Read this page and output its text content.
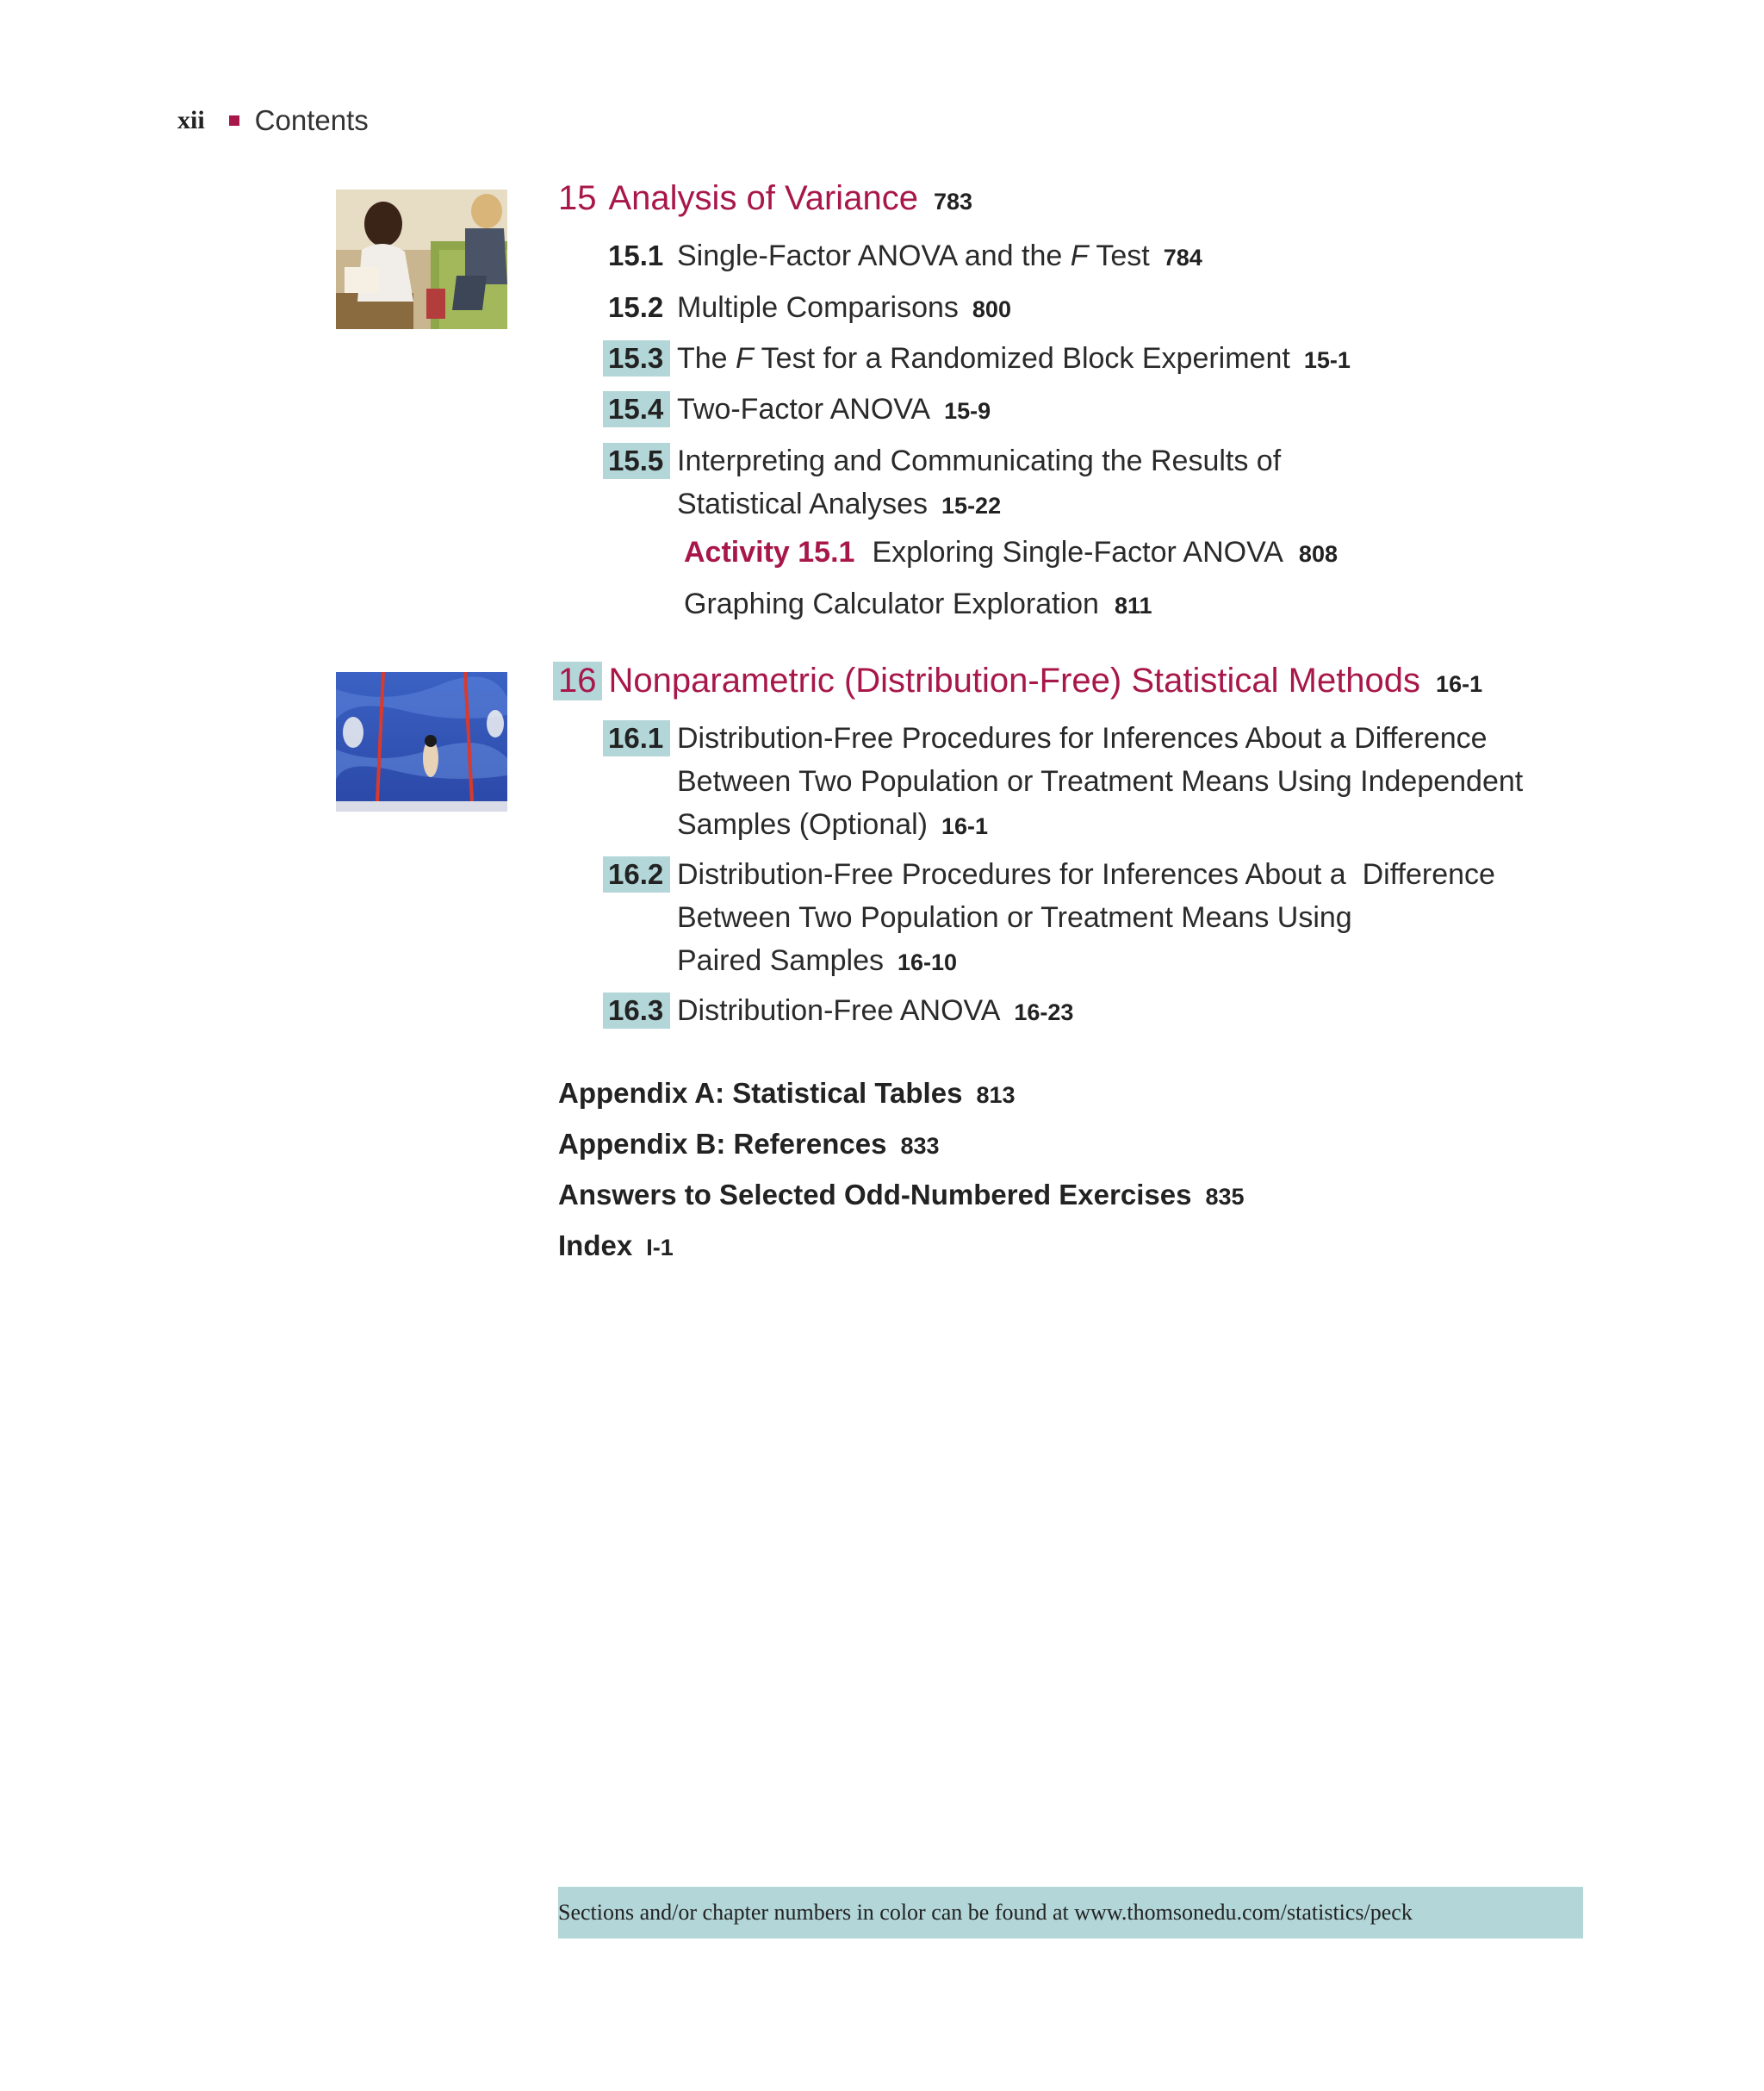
xii Contents
15 Analysis of Variance 783
15.1 Single-Factor ANOVA and the F Test 784
15.2 Multiple Comparisons 800
15.3 The F Test for a Randomized Block Experiment 15-1
15.4 Two-Factor ANOVA 15-9
15.5 Interpreting and Communicating the Results of
Statistical Analyses 15-22
Activity 15.1 Exploring Single-Factor ANOVA 808
Graphing Calculator Exploration 811
16 Nonparametric (Distribution-Free) Statistical Methods 16-1
16.1 Distribution-Free Procedures for Inferences About a Difference
Between Two Population or Treatment Means Using Independent
Samples (Optional) 16-1
16.2 Distribution-Free Procedures for Inferences About a  Difference
Between Two Population or Treatment Means Using
Paired Samples 16-10
16.3 Distribution-Free ANOVA 16-23
Appendix A: Statistical Tables 813
Appendix B: References 833
Answers to Selected Odd-Numbered Exercises 835
Index I-1
Sections and/or chapter numbers in color can be found at www.thomsonedu.com/statistics/peck
